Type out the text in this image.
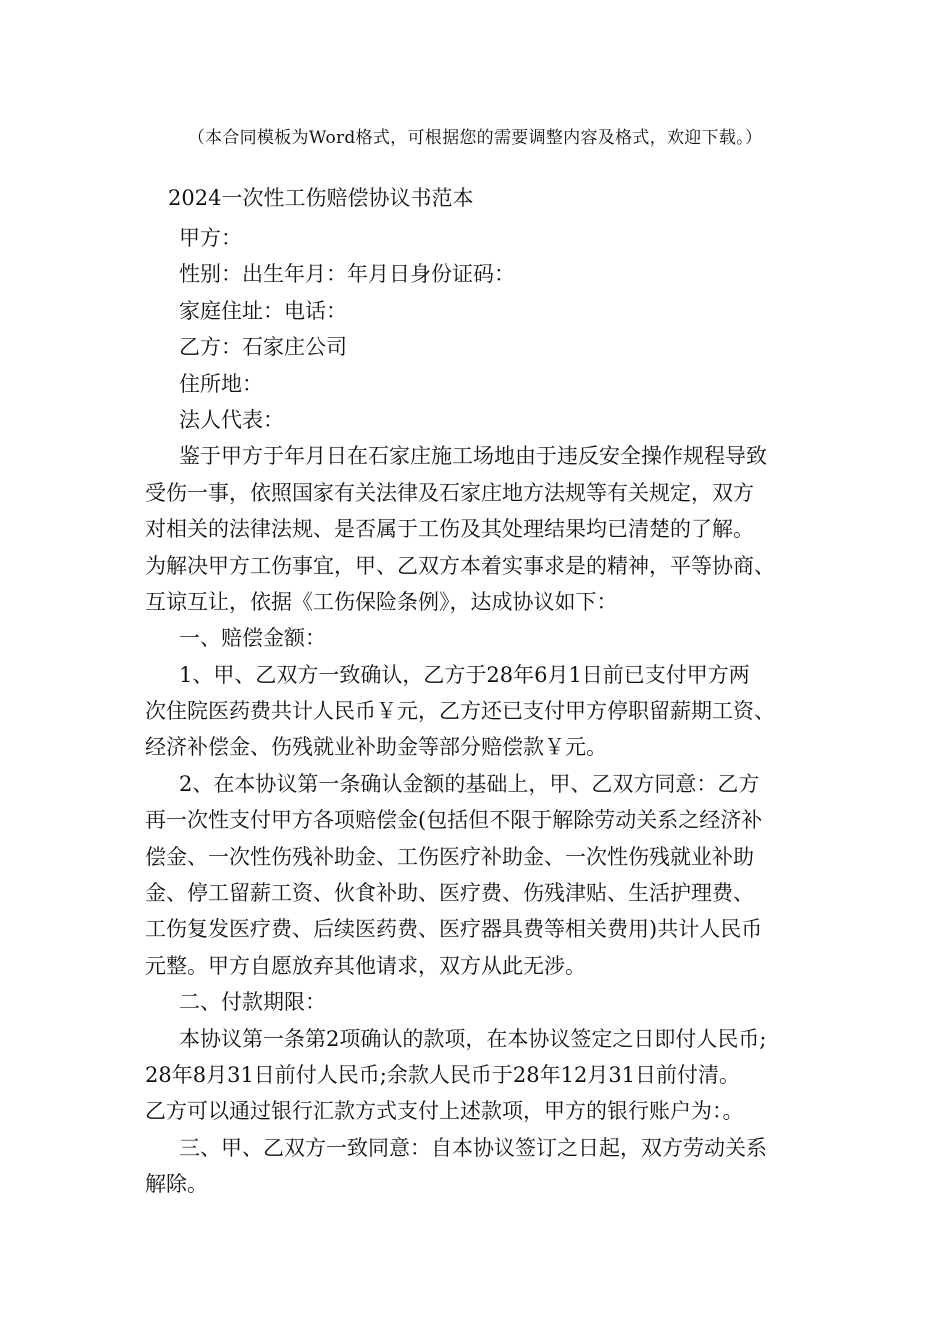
（本合同模板为Word格式，可根据您的需要调整内容及格式，欢迎下载。）
2024一次性工伤赔偿协议书范本
甲方：
性别：出生年月：年月日身份证码：
家庭住址：电话：
乙方：石家庄公司
住所地：
法人代表：
鉴于甲方于年月日在石家庄施工场地由于违反安全操作规程导致
受伤一事，依照国家有关法律及石家庄地方法规等有关规定，双方
对相关的法律法规、是否属于工伤及其处理结果均已清楚的了解。
为解决甲方工伤事宜，甲、乙双方本着实事求是的精神，平等协商、
互谅互让，依据《工伤保险条例》，达成协议如下：
一、赔偿金额：
1、甲、乙双方一致确认，乙方于28年6月1日前已支付甲方两
次住院医药费共计人民币￥元，乙方还已支付甲方停职留薪期工资、
经济补偿金、伤残就业补助金等部分赔偿款￥元。
2、在本协议第一条确认金额的基础上，甲、乙双方同意：乙方
再一次性支付甲方各项赔偿金(包括但不限于解除劳动关系之经济补
偿金、一次性伤残补助金、工伤医疗补助金、一次性伤残就业补助
金、停工留薪工资、伙食补助、医疗费、伤残津贴、生活护理费、
工伤复发医疗费、后续医药费、医疗器具费等相关费用)共计人民币
元整。甲方自愿放弃其他请求，双方从此无涉。
二、付款期限：
本协议第一条第2项确认的款项，在本协议签定之日即付人民币;
28年8月31日前付人民币;余款人民币于28年12月31日前付清。
乙方可以通过银行汇款方式支付上述款项，甲方的银行账户为：。
三、甲、乙双方一致同意：自本协议签订之日起，双方劳动关系
解除。
